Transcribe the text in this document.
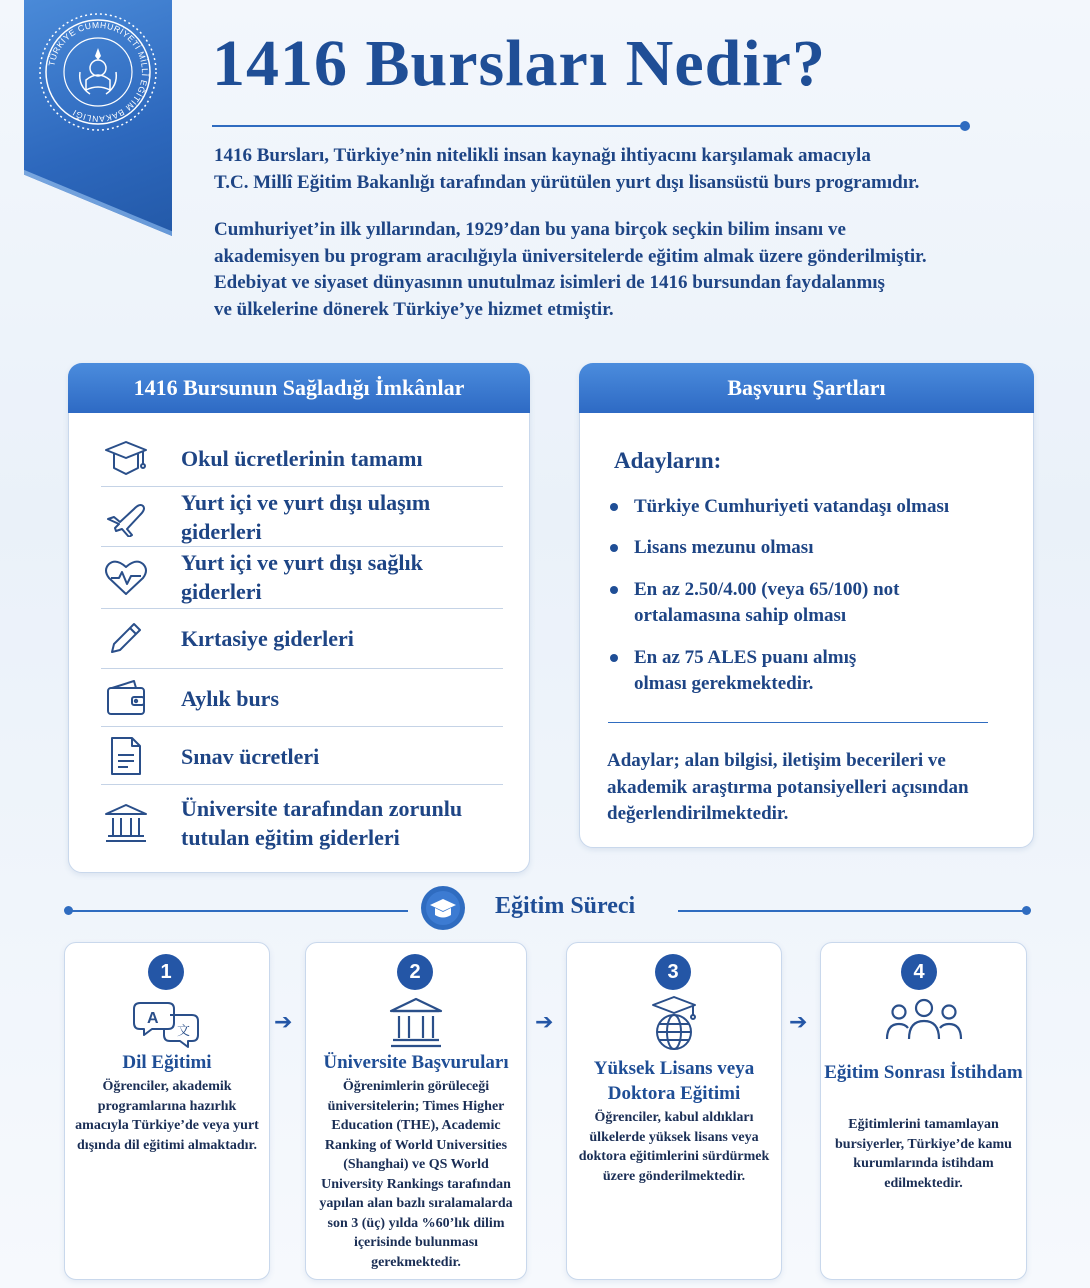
TÜRKİYE CUMHURİYETİ MİLLÎ EĞİTİM BAKANLIĞI
1416 Bursları Nedir?

1416 Bursları, Türkiye’nin nitelikli insan kaynağı ihtiyacını karşılamak amacıyla

T.C. Millî Eğitim Bakanlığı tarafından yürütülen yurt dışı lisansüstü burs programıdır.

Cumhuriyet’in ilk yıllarından, 1929’dan bu yana birçok seçkin bilim insanı ve

akademisyen bu program aracılığıyla üniversitelerde eğitim almak üzere gönderilmiştir.

Edebiyat ve siyaset dünyasının unutulmaz isimleri de 1416 bursundan faydalanmış

ve ülkelerine dönerek Türkiye’ye hizmet etmiştir.

1416 Bursunun Sağladığı İmkânlar
Okul ücretlerinin tamamı
Yurt içi ve yurt dışı ulaşım giderleri
Yurt içi ve yurt dışı sağlık giderleri
Kırtasiye giderleri
Aylık burs
Sınav ücretleri
Üniversite tarafından zorunlu tutulan eğitim giderleri
Başvuru Şartları
Adayların:
Türkiye Cumhuriyeti vatandaşı olması
Lisans mezunu olması
En az 2.50/4.00 (veya 65/100) not ortalamasına sahip olması
En az 75 ALES puanı almış olması gerekmektedir.
Adaylar; alan bilgisi, iletişim becerileri ve akademik araştırma potansiyelleri açısından değerlendirilmektedir.
Eğitim Süreci
1
A
文
Dil Eğitimi
Öğrenciler, akademik programlarına hazırlık amacıyla Türkiye’de veya yurt dışında dil eğitimi almaktadır.
➔
2
Üniversite Başvuruları
Öğrenimlerin görüleceği üniversitelerin; Times Higher Education (THE), Academic Ranking of World Universities (Shanghai) ve QS World University Rankings tarafından yapılan alan bazlı sıralamalarda son 3 (üç) yılda %60’lık dilim içerisinde bulunması gerekmektedir.
➔
3
Yüksek Lisans veya Doktora Eğitimi
Öğrenciler, kabul aldıkları ülkelerde yüksek lisans veya doktora eğitimlerini sürdürmek üzere gönderilmektedir.
➔
4
Eğitim Sonrası İstihdam
Eğitimlerini tamamlayan bursiyerler, Türkiye’de kamu kurumlarında istihdam edilmektedir.
